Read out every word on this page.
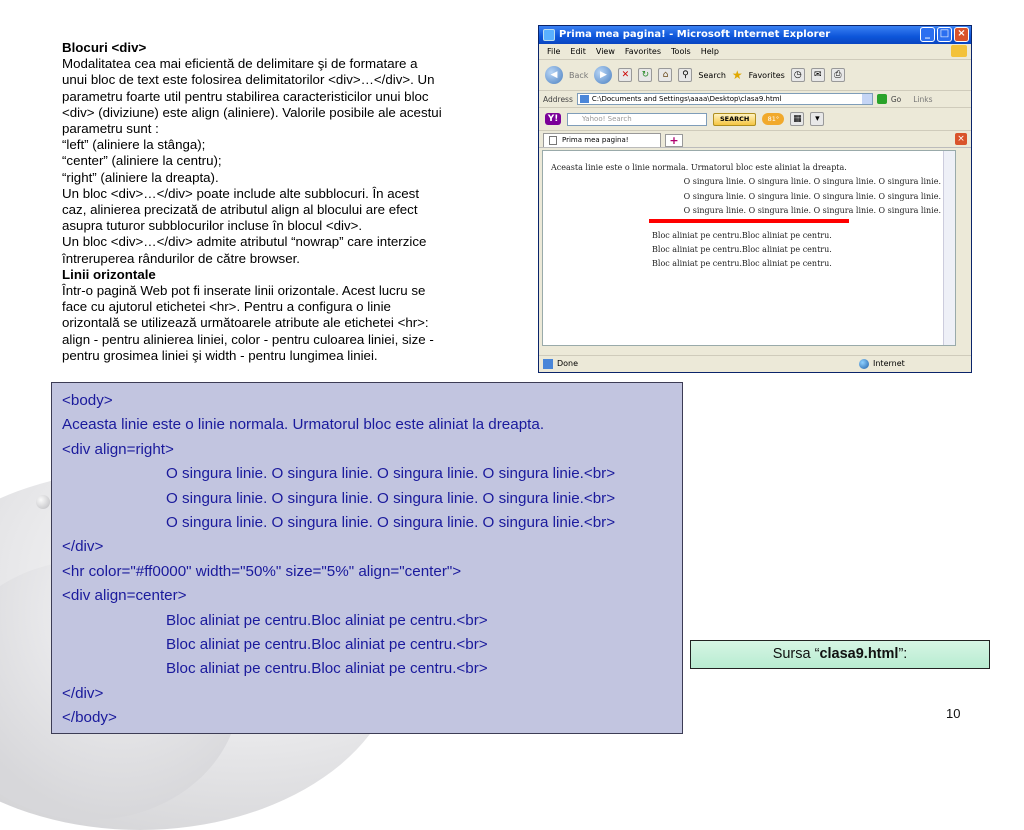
Blocuri <div>
Modalitatea cea mai eficientă de delimitare şi de formatare a
unui bloc de text este folosirea delimitatorilor <div>…</div>. Un
parametru foarte util pentru stabilirea caracteristicilor unui bloc
<div> (diviziune) este align (aliniere). Valorile posibile ale acestui
parametru sunt :
“left” (aliniere la stânga);
“center” (aliniere la centru);
“right” (aliniere la dreapta).
Un bloc <div>…</div> poate include alte subblocuri. În acest
caz, alinierea precizată de atributul align al blocului are efect
asupra tuturor subblocurilor incluse în blocul <div>.
Un bloc <div>…</div> admite atributul “nowrap” care interzice
întreruperea rândurilor de către browser.
Linii orizontale
Într-o pagină Web pot fi inserate linii orizontale. Acest lucru se
face cu ajutorul etichetei <hr>. Pentru a configura o linie
orizontală se utilizează următoarele atribute ale etichetei <hr>:
align - pentru alinierea liniei, color - pentru culoarea liniei, size -
pentru grosimea liniei şi width - pentru lungimea liniei.
Prima mea pagina! - Microsoft Internet Explorer	_ □ ×
File Edit View Favorites Tools Help
◀	Back	▶	✕	↻	⌂	⚲	Search ★ Favorites	◷	✉	⎙
Address	C:\Documents and Settings\aaaa\Desktop\clasa9.html	Go Links
Y!	Yahoo! Search	SEARCH	81°	▦	▾
Prima mea pagina!	+	×
Aceasta linie este o linie normala. Urmatorul bloc este aliniat la dreapta.
O singura linie. O singura linie. O singura linie. O singura linie.
O singura linie. O singura linie. O singura linie. O singura linie.
O singura linie. O singura linie. O singura linie. O singura linie.
Bloc aliniat pe centru.Bloc aliniat pe centru.
Bloc aliniat pe centru.Bloc aliniat pe centru.
Bloc aliniat pe centru.Bloc aliniat pe centru.
Done	Internet
<body>
Aceasta linie este o linie normala. Urmatorul bloc este aliniat la dreapta.
<div align=right>
O singura linie. O singura linie. O singura linie. O singura linie.<br>
O singura linie. O singura linie. O singura linie. O singura linie.<br>
O singura linie. O singura linie. O singura linie. O singura linie.<br>
</div>
<hr color="#ff0000" width="50%" size="5%" align="center">
<div align=center>
Bloc aliniat pe centru.Bloc aliniat pe centru.<br>
Bloc aliniat pe centru.Bloc aliniat pe centru.<br>
Bloc aliniat pe centru.Bloc aliniat pe centru.<br>
</div>
</body>
Sursa “clasa9.html”:
10
